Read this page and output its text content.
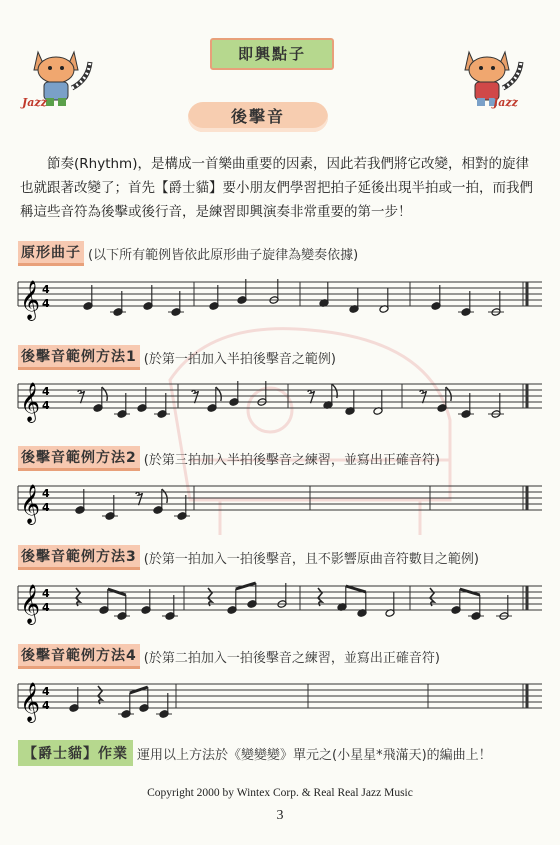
Jazz	Jazz
即興點子
後擊音
節奏(Rhythm)，是構成一首樂曲重要的因素，因此若我們將它改變，相對的旋律也就跟著改變了；首先【爵士貓】要小朋友們學習把拍子延後出現半拍或一拍，而我們稱這些音符為後擊或後行音，是練習即興演奏非常重要的第一步！
原形曲子 (以下所有範例皆依此原形曲子旋律為變奏依據)
𝄞 4
4
後擊音範例方法1 (於第一拍加入半拍後擊音之範例)
𝄞 4
4
後擊音範例方法2 (於第三拍加入半拍後擊音之練習，並寫出正確音符)
𝄞 4
4
後擊音範例方法3 (於第一拍加入一拍後擊音，且不影響原曲音符數目之範例)
𝄞 4
4
後擊音範例方法4 (於第二拍加入一拍後擊音之練習，並寫出正確音符)
𝄞 4
4
【爵士貓】作業 運用以上方法於《變變變》單元之(小星星*飛滿天)的編曲上！
Copyright 2000 by Wintex Corp. & Real Real Jazz Music
3
